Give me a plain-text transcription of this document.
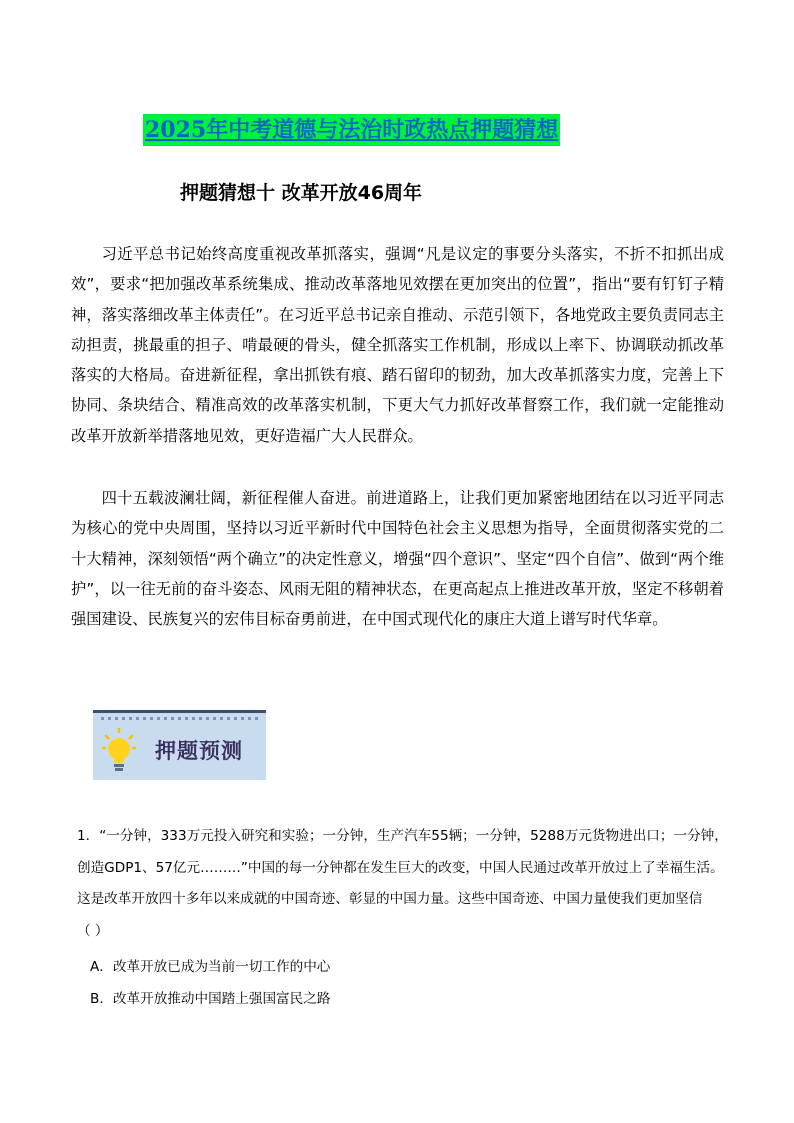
2025年中考道德与法治时政热点押题猜想
押题猜想十 改革开放46周年

习近平总书记始终高度重视改革抓落实，强调“凡是议定的事要分头落实，不折不扣抓出成效”，要求“把加强改革系统集成、推动改革落地见效摆在更加突出的位置”，指出“要有钉钉子精神，落实落细改革主体责任”。在习近平总书记亲自推动、示范引领下，各地党政主要负责同志主动担责，挑最重的担子、啃最硬的骨头，健全抓落实工作机制，形成以上率下、协调联动抓改革落实的大格局。奋进新征程，拿出抓铁有痕、踏石留印的韧劲，加大改革抓落实力度，完善上下协同、条块结合、精准高效的改革落实机制，下更大气力抓好改革督察工作，我们就一定能推动改革开放新举措落地见效，更好造福广大人民群众。

四十五载波澜壮阔，新征程催人奋进。前进道路上，让我们更加紧密地团结在以习近平同志为核心的党中央周围，坚持以习近平新时代中国特色社会主义思想为指导，全面贯彻落实党的二十大精神，深刻领悟“两个确立”的决定性意义，增强“四个意识”、坚定“四个自信”、做到“两个维护”，以一往无前的奋斗姿态、风雨无阻的精神状态，在更高起点上推进改革开放，坚定不移朝着强国建设、民族复兴的宏伟目标奋勇前进，在中国式现代化的康庄大道上谱写时代华章。

押题预测
1．“一分钟，333万元投入研究和实验；一分钟，生产汽车55辆；一分钟，5288万元货物进出口；一分钟，
创造GDP1、57亿元………”中国的每一分钟都在发生巨大的改变，中国人民通过改革开放过上了幸福生活。
这是改革开放四十多年以来成就的中国奇迹、彰显的中国力量。这些中国奇迹、中国力量使我们更加坚信
（ ）
A．改革开放已成为当前一切工作的中心
B．改革开放推动中国踏上强国富民之路
